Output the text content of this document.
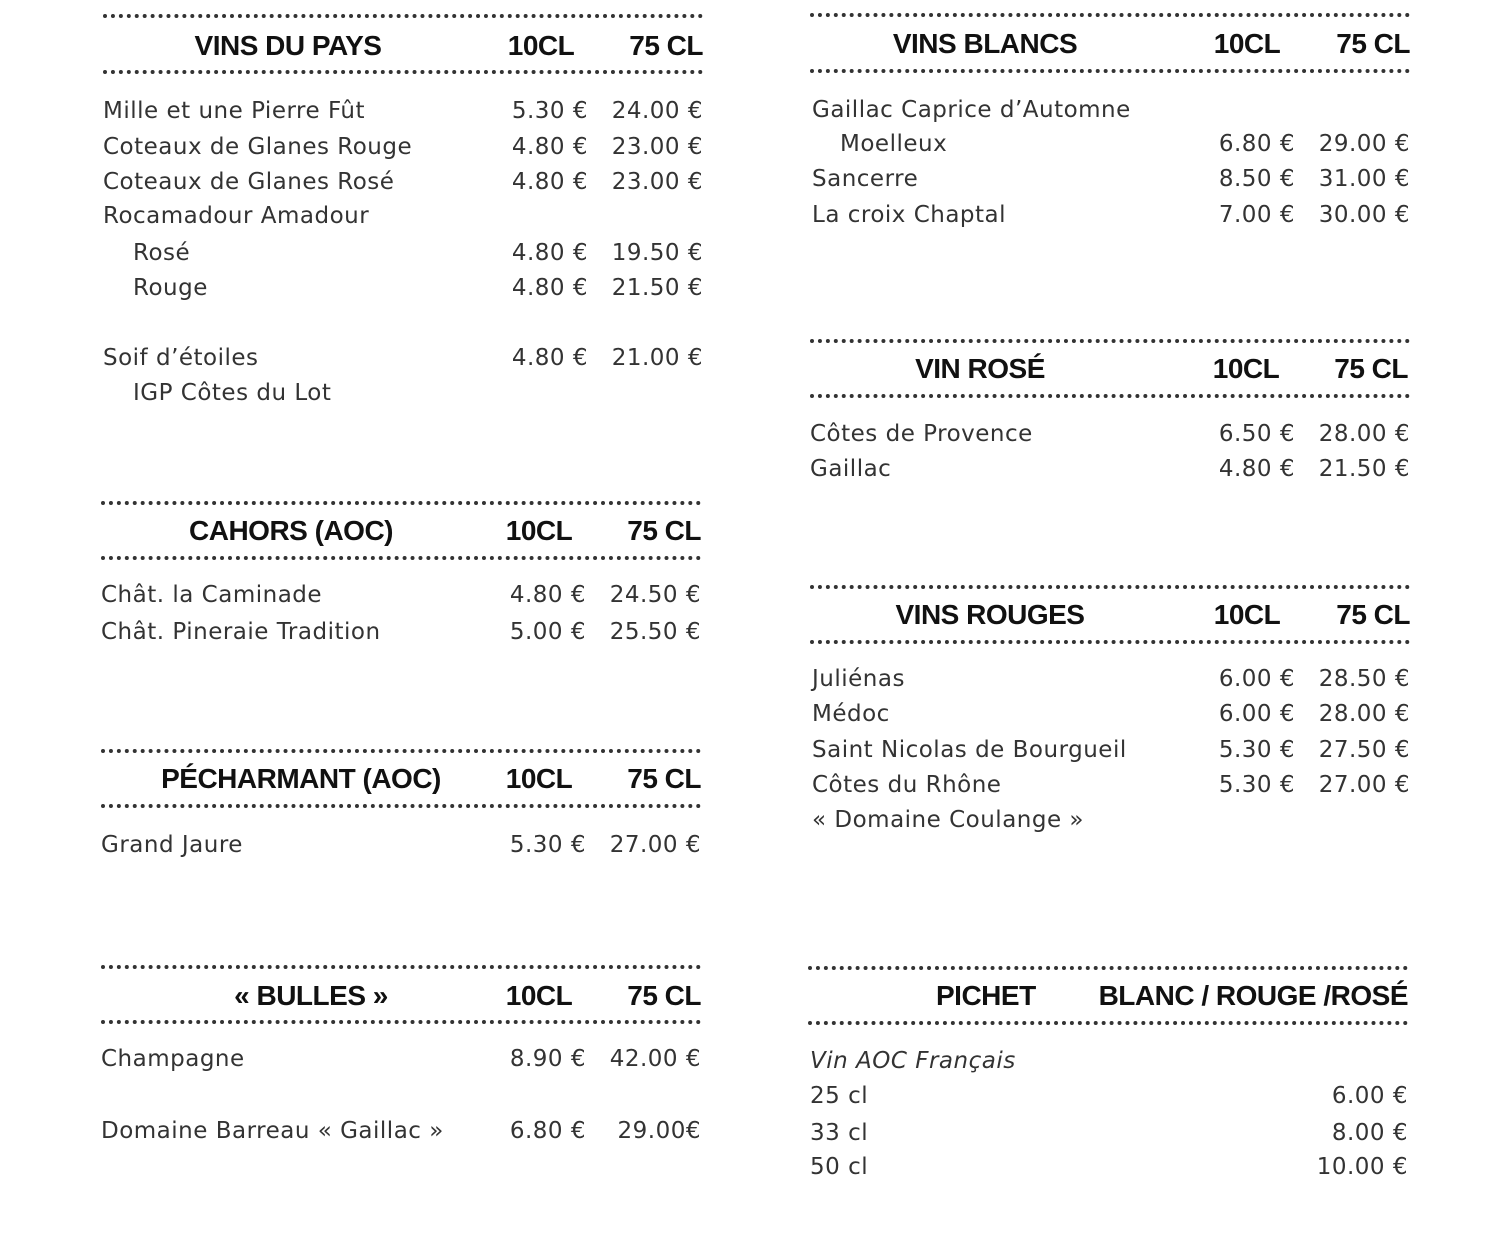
VINS DU PAYS	10CL	75 CL
Mille et une Pierre Fût	5.30 €	24.00 €
Coteaux de Glanes Rouge	4.80 €	23.00 €
Coteaux de Glanes Rosé	4.80 €	23.00 €
Rocamadour Amadour
Rosé	4.80 €	19.50 €
Rouge	4.80 €	21.50 €
Soif d’étoiles	4.80 €	21.00 €
IGP Côtes du Lot
CAHORS (AOC)	10CL	75 CL
Chât. la Caminade	4.80 €	24.50 €
Chât. Pineraie Tradition	5.00 €	25.50 €
PÉCHARMANT (AOC)	10CL	75 CL
Grand Jaure	5.30 €	27.00 €
« BULLES »	10CL	75 CL
Champagne	8.90 €	42.00 €
Domaine Barreau « Gaillac »	6.80 €	29.00€
VINS BLANCS	10CL	75 CL
Gaillac Caprice d’Automne
Moelleux	6.80 €	29.00 €
Sancerre	8.50 €	31.00 €
La croix Chaptal	7.00 €	30.00 €
VIN ROSÉ	10CL	75 CL
Côtes de Provence	6.50 €	28.00 €
Gaillac	4.80 €	21.50 €
VINS ROUGES	10CL	75 CL
Juliénas	6.00 €	28.50 €
Médoc	6.00 €	28.00 €
Saint Nicolas de Bourgueil	5.30 €	27.50 €
Côtes du Rhône	5.30 €	27.00 €
« Domaine Coulange »
PICHET BLANC / ROUGE /ROSÉ
Vin AOC Français
25 cl	6.00 €
33 cl	8.00 €
50 cl	10.00 €
